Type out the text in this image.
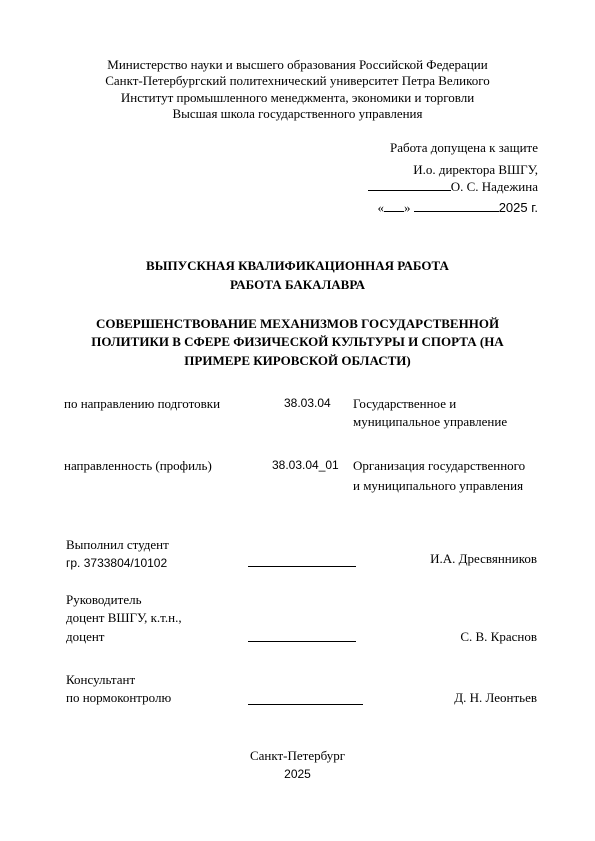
Министерство науки и высшего образования Российской Федерации
Санкт-Петербургский политехнический университет Петра Великого
Институт промышленного менеджмента, экономики и торговли
Высшая школа государственного управления
Работа допущена к защите
И.о. директора ВШГУ,
О. С. Надежина
« »	2025 г.
ВЫПУСКНАЯ КВАЛИФИКАЦИОННАЯ РАБОТА
РАБОТА БАКАЛАВРА
СОВЕРШЕНСТВОВАНИЕ МЕХАНИЗМОВ ГОСУДАРСТВЕННОЙ
ПОЛИТИКИ В СФЕРЕ ФИЗИЧЕСКОЙ КУЛЬТУРЫ И СПОРТА (НА
ПРИМЕРЕ КИРОВСКОЙ ОБЛАСТИ)
по направлению подготовки	38.03.04 Государственное и
муниципальное управление
направленность (профиль)	38.03.04_01 Организация государственного
и муниципального управления
Выполнил студент
гр. 3733804/10102	И.А. Дресвянников
Руководитель
доцент ВШГУ, к.т.н.,
доцент	С. В. Краснов
Консультант
по нормоконтролю	Д. Н. Леонтьев
Санкт-Петербург
2025
